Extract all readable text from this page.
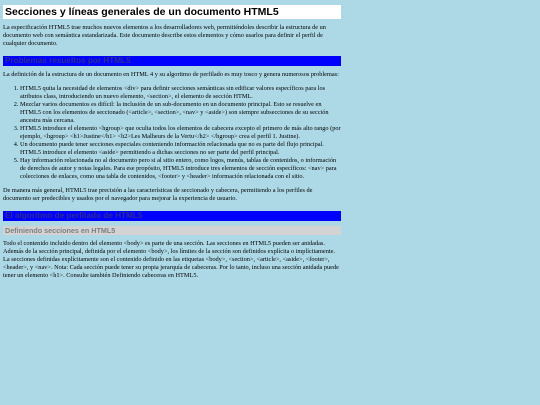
Secciones y líneas generales de un documento HTML5

La especificación HTML5 trae muchos nuevos elementos a los desarrolladores web, permitiéndoles describir la estructura de un documento web con semántica estandarizada. Este documento describe estos elementos y cómo usarlos para definir el perfil de cualquier documento.

Problemas resueltos por HTML5

La definición de la estructura de un documento en HTML 4 y su algoritmo de perfilado es muy tosco y genera numerosos problemas:

1. HTML5 quita la necesidad de elementos <div> para definir secciones semánticas sin edificar valores específicos para los atributos class, introduciendo un nuevo elemento, <section>, el elemento de sección HTML.
2. Mezclar varios documentos es difícil: la inclusión de un sub-documento en un documento principal. Esto se resuelve en HTML5 con los elementos de seccionado (<article>, <section>, <nav> y <aside>) son siempre subsecciones de su sección ancestra más cercana.
3. HTML5 introduce el elemento <hgroup> que oculta todos los elementos de cabecera excepto el primero de más alto rango (por ejemplo, <hgroup> <h1>Justine</h1> <h2>Les Malheurs de la Vertu</h2> </hgroup> crea el perfil 1. Justine).
4. Un documento puede tener secciones especiales conteniendo información relacionada que no es parte del flujo principal. HTML5 introduce el elemento <aside> permitiendo a dichas secciones no ser parte del perfil principal.
5. Hay información relacionada no al documento pero si al sitio entero, como logos, menús, tablas de contenidos, o información de derechos de autor y notas legales. Para ese propósito, HTML5 introduce tres elementos de sección específicos: <nav> para colecciones de enlaces, como una tabla de contenidos, <footer> y <header> información relacionada con el sitio.

De manera más general, HTML5 trae precisión a las características de seccionado y cabecera, permitiendo a los perfiles de documento ser predecibles y usados por el navegador para mejorar la experiencia de usuario.

El algoritmo de perfilado de HTML5
Definiendo secciones en HTML5

Todo el contenido incluido dentro del elemento <body> es parte de una sección. Las secciones en HTML5 pueden ser anidadas. Además de la sección principal, definida por el elemento <body>, los límites de la sección son definidos explícita o implícitamente. La secciones definidas explícitamente son el contenido definido en las etiquetas <body>, <section>, <article>, <aside>, <footer>, <header>, y <nav>. Nota: Cada sección puede tener su propia jerarquía de cabeceras. Por lo tanto, incluso una sección anidada puede tener un elemento <h1>. Consulte también Definiendo cabeceras en HTML5.
